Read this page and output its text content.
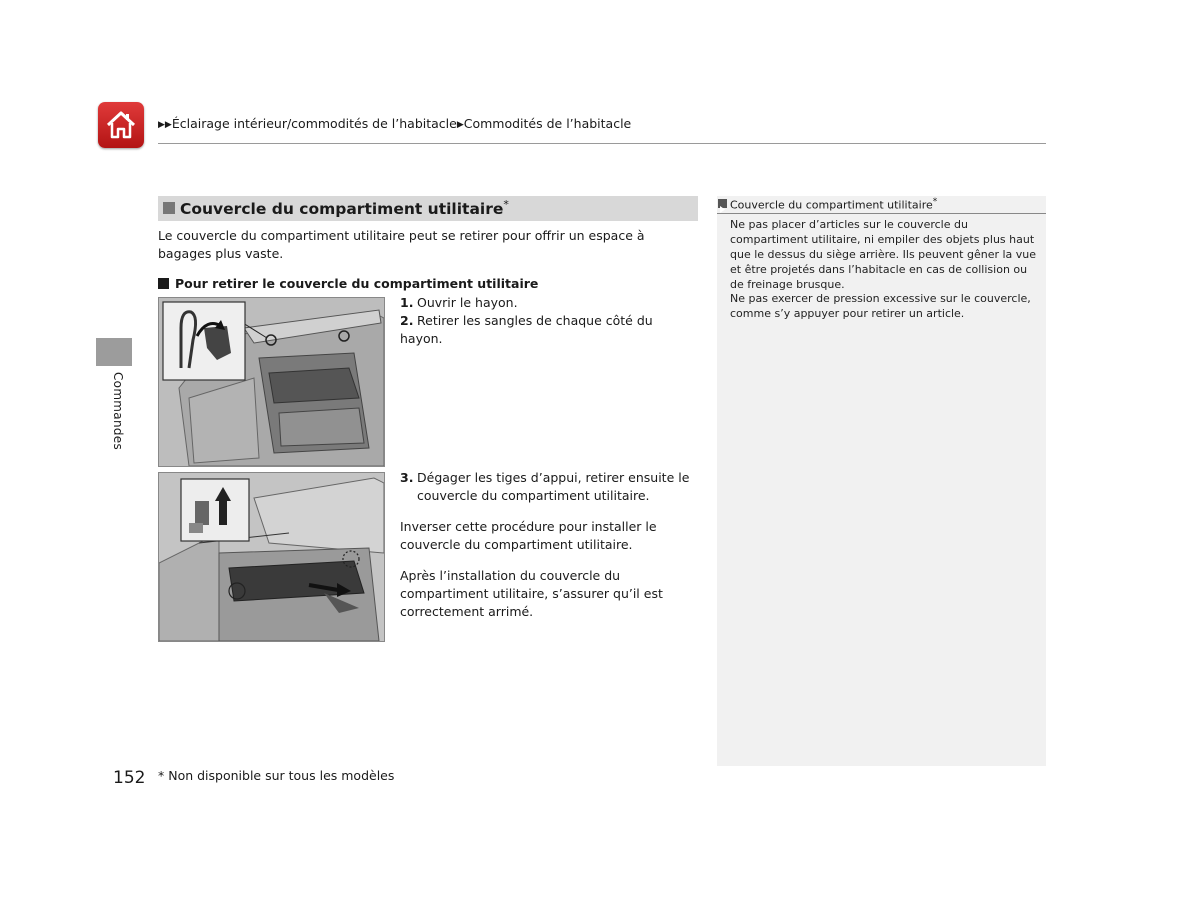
▶▶Éclairage intérieur/commodités de l’habitacle▶Commodités de l’habitacle
Commandes
Couvercle du compartiment utilitaire*
Le couvercle du compartiment utilitaire peut se retirer pour offrir un espace à bagages plus vaste.
Pour retirer le couvercle du compartiment utilitaire
1. Ouvrir le hayon.
2. Retirer les sangles de chaque côté du hayon.
3. Dégager les tiges d’appui, retirer ensuite le couvercle du compartiment utilitaire.
Inverser cette procédure pour installer le couvercle du compartiment utilitaire.
Après l’installation du couvercle du compartiment utilitaire, s’assurer qu’il est correctement arrimé.
Couvercle du compartiment utilitaire*
Ne pas placer d’articles sur le couvercle du compartiment utilitaire, ni empiler des objets plus haut que le dessus du siège arrière. Ils peuvent gêner la vue et être projetés dans l’habitacle en cas de collision ou de freinage brusque.
Ne pas exercer de pression excessive sur le couvercle, comme s’y appuyer pour retirer un article.
152 * Non disponible sur tous les modèles
